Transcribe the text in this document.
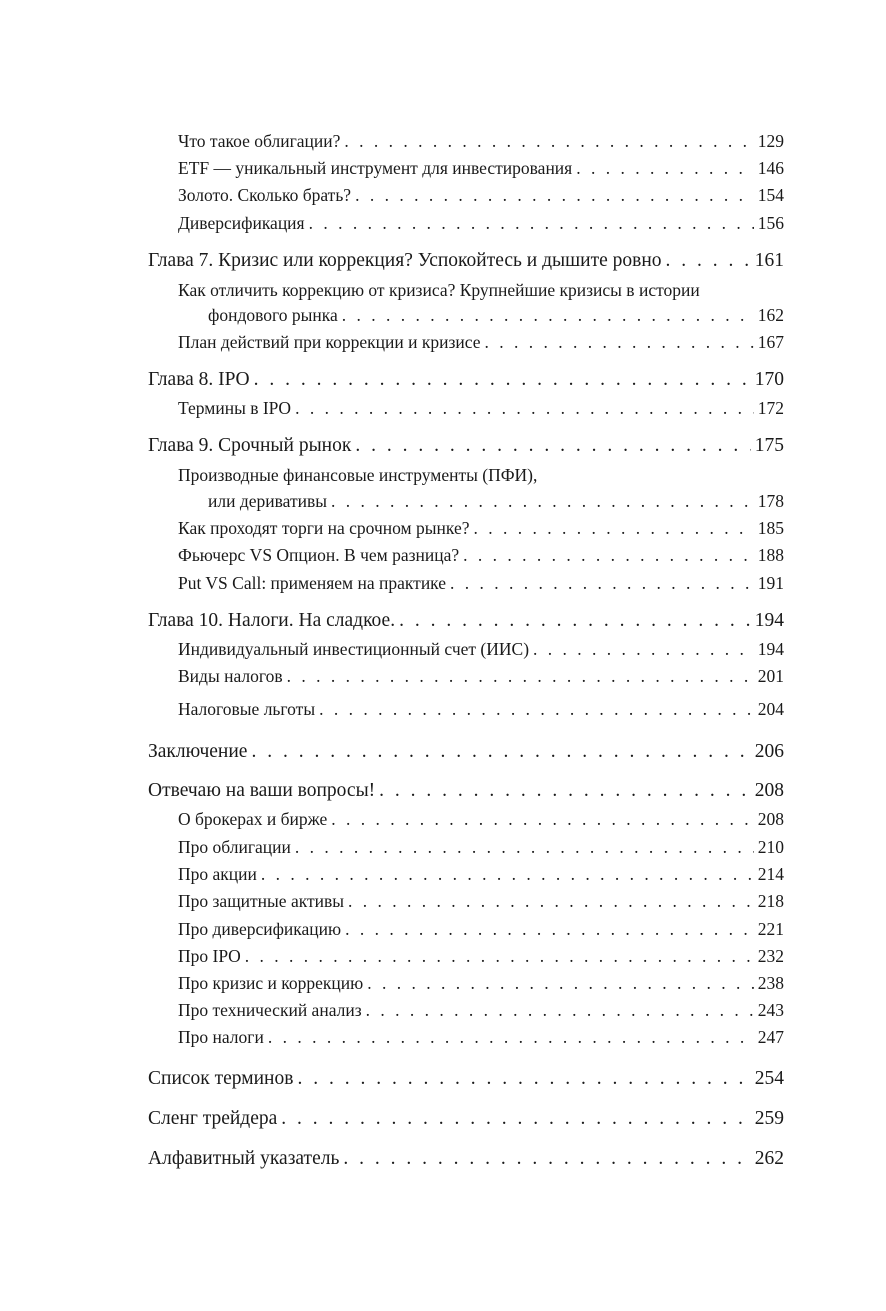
Что такое облигации? . . .	129
ETF — уникальный инструмент для инвестирования . . .	146
Золото. Сколько брать? . . .	154
Диверсификация . . .	156
Глава 7. Кризис или коррекция? Успокойтесь и дышите ровно . . .	161
Как отличить коррекцию от кризиса? Крупнейшие кризисы в истории
фондового рынка . . .	162
План действий при коррекции и кризисе . . .	167
Глава 8. IPO . . .	170
Термины в IPO . . .	172
Глава 9. Срочный рынок . . .	175
Производные финансовые инструменты (ПФИ),
или деривативы . . .	178
Как проходят торги на срочном рынке? . . .	185
Фьючерс VS Опцион. В чем разница? . . .	188
Put VS Call: применяем на практике . . .	191
Глава 10. Налоги. На сладкое. . . .	194
Индивидуальный инвестиционный счет (ИИС) . . .	194
Виды налогов . . .	201
Налоговые льготы . . .	204
Заключение . . .	206
Отвечаю на ваши вопросы! . . .	208
О брокерах и бирже . . .	208
Про облигации . . .	210
Про акции . . .	214
Про защитные активы . . .	218
Про диверсификацию . . .	221
Про IPO . . .	232
Про кризис и коррекцию . . .	238
Про технический анализ . . .	243
Про налоги . . .	247
Список терминов . . .	254
Сленг трейдера . . .	259
Алфавитный указатель . . .	262
